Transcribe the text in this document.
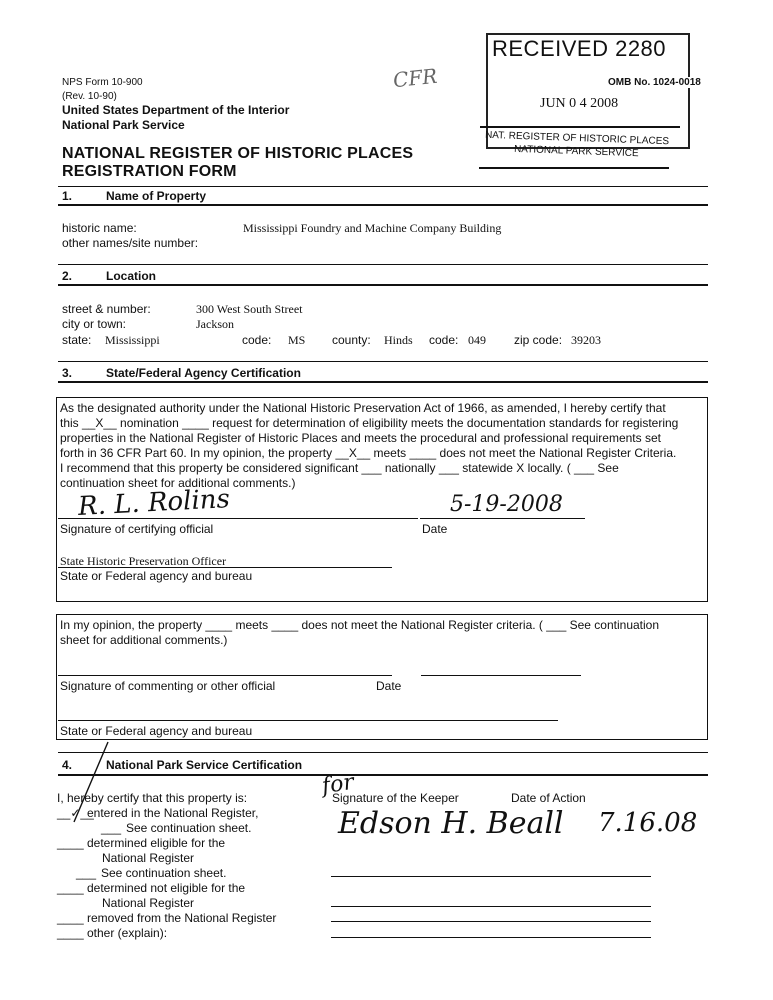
NPS Form 10-900
(Rev. 10-90)
United States Department of the Interior
National Park Service
NATIONAL REGISTER OF HISTORIC PLACES
REGISTRATION FORM
CFR
RECEIVED 2280
JUN 0 4 2008
NAT. REGISTER OF HISTORIC PLACES
NATIONAL PARK SERVICE
OMB No. 1024-0018
1.	Name of Property
historic name:	Mississippi Foundry and Machine Company Building
other names/site number:
2.	Location
street & number:	300 West South Street
city or town:	Jackson
state: Mississippi	code: MS county: Hinds code: 049 zip code: 39203
3.	State/Federal Agency Certification
As the designated authority under the National Historic Preservation Act of 1966, as amended, I hereby certify that
this __X__ nomination ____ request for determination of eligibility meets the documentation standards for registering
properties in the National Register of Historic Places and meets the procedural and professional requirements set
forth in 36 CFR Part 60. In my opinion, the property __X__ meets ____ does not meet the National Register Criteria.
I recommend that this property be considered significant ___ nationally ___ statewide X locally. ( ___ See
continuation sheet for additional comments.)
R. L. Rolins	5-19-2008
Signature of certifying official	Date
State Historic Preservation Officer
State or Federal agency and bureau
In my opinion, the property ____ meets ____ does not meet the National Register criteria. ( ___ See continuation
sheet for additional comments.)
Signature of commenting or other official	Date
State or Federal agency and bureau
4.	National Park Service Certification
I, hereby certify that this property is:
__✓__
entered in the National Register,
___ See continuation sheet.
____ determined eligible for the
National Register
___ See continuation sheet.
____ determined not eligible for the
National Register
____ removed from the National Register
____ other (explain):
Signature of the Keeper	Date of Action
for
Edson H. Beall 7.16.08
